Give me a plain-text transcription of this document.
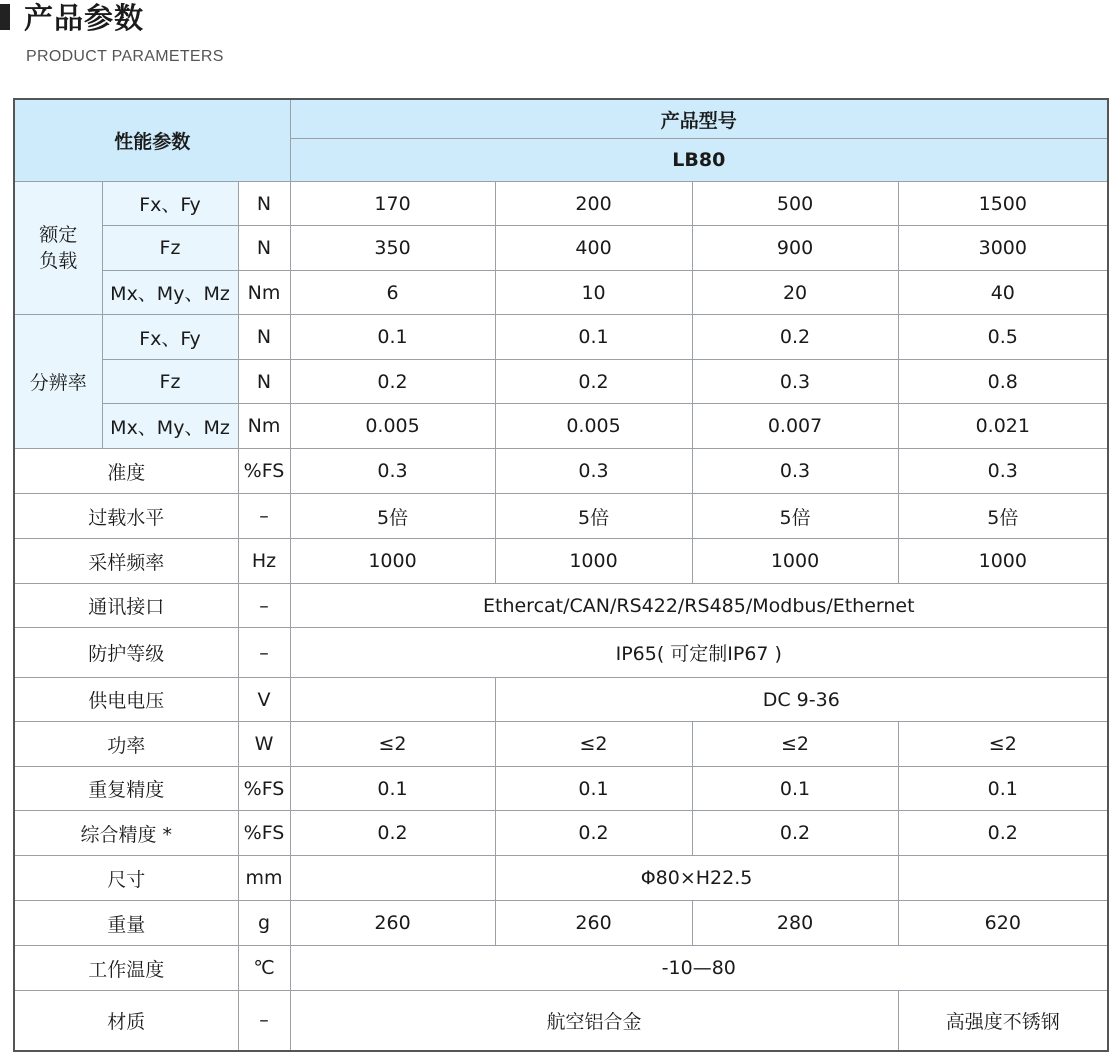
产品参数
PRODUCT PARAMETERS
性能参数			产品型号			
			LB80			
额定
负载	Fx、Fy	N	170	200	500	1500
	Fz	N	350	400	900	3000
	Mx、My、Mz	Nm	6	10	20	40
分辨率	Fx、Fy	N	0.1	0.1	0.2	0.5
	Fz	N	0.2	0.2	0.3	0.8
	Mx、My、Mz	Nm	0.005	0.005	0.007	0.021
准度		%FS	0.3	0.3	0.3	0.3
过载水平		–	5倍	5倍	5倍	5倍
采样频率		Hz	1000	1000	1000	1000
通讯接口		–	Ethercat/CAN/RS422/RS485/Modbus/Ethernet			
防护等级		–	IP65( 可定制IP67 )			
供电电压		V		DC 9-36		
功率		W	≤2	≤2	≤2	≤2
重复精度		%FS	0.1	0.1	0.1	0.1
综合精度 *		%FS	0.2	0.2	0.2	0.2
尺寸		mm		Φ80×H22.5		
重量		g	260	260	280	620
工作温度		℃	-10—80			
材质		–	航空铝合金			高强度不锈钢
